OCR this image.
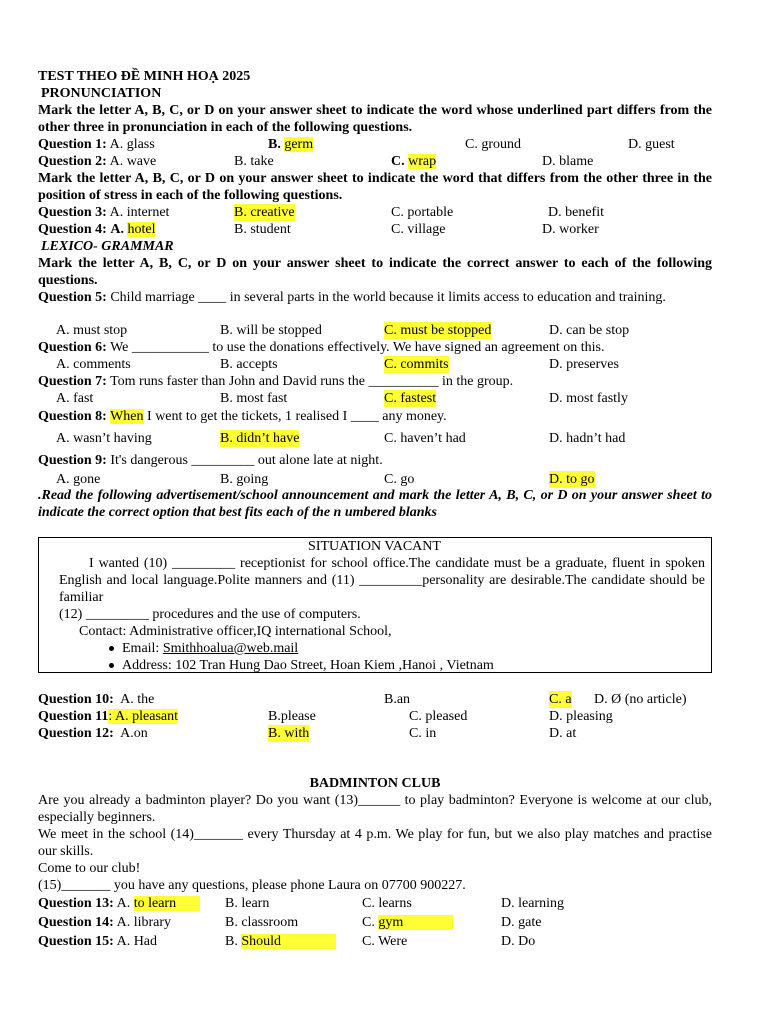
TEST THEO ĐỀ MINH HOẠ 2025
PRONUNCIATION
Mark the letter A, B, C, or D on your answer sheet to indicate the word whose underlined part differs from the other three in pronunciation in each of the following questions.
Question 1: A. glass	B. germ	C. ground	D. guest
Question 2: A. wave	B. take	C. wrap	D. blame
Mark the letter A, B, C, or D on your answer sheet to indicate the word that differs from the other three in the position of stress in each of the following questions.
Question 3: A. internet	B. creative	C. portable	D. benefit
Question 4: A. hotel	B. student	C. village	D. worker
LEXICO- GRAMMAR
Mark the letter A, B, C, or D on your answer sheet to indicate the correct answer to each of the following questions.
Question 5: Child marriage ____ in several parts in the world because it limits access to education and training.
A. must stop	B. will be stopped	C. must be stopped	D. can be stop
Question 6: We ___________ to use the donations effectively. We have signed an agreement on this.
A. comments	B. accepts	C. commits	D. preserves
Question 7: Tom runs faster than John and David runs the __________ in the group.
A. fast	B. most fast	C. fastest	D. most fastly
Question 8: When I went to get the tickets, 1 realised I ____ any money.
A. wasn’t having	B. didn’t have	C. haven’t had	D. hadn’t had
Question 9: It's dangerous _________ out alone late at night.
A. gone	B. going	C. go	D. to go
.Read the following advertisement/school announcement and mark the letter A, B, C, or D on your answer sheet to indicate the correct option that best fits each of the n umbered blanks
SITUATION VACANT
I wanted (10) _________ receptionist for school office.The candidate must be a graduate, fluent in spoken English and local language.Polite manners and (11) _________personality are desirable.The candidate should be familiar
(12) _________ procedures and the use of computers.
Contact: Administrative officer,IQ international School,
Email: Smithhoalua@web.mail
Address: 102 Tran Hung Dao Street, Hoan Kiem ,Hanoi , Vietnam
Question 10: A. the	B.an	C. a D. Ø (no article)
Question 11: A. pleasant	B.please	C. pleased	D. pleasing
Question 12: A.on	B. with	C. in	D. at
BADMINTON CLUB
Are you already a badminton player? Do you want (13)______ to play badminton? Everyone is welcome at our club, especially beginners.
We meet in the school (14)_______ every Thursday at 4 p.m. We play for fun, but we also play matches and practise our skills.
Come to our club!
(15)_______ you have any questions, please phone Laura on 07700 900227.
Question 13: A. to learn	B. learn	C. learns	D. learning
Question 14: A. library	B. classroom	C. gym	D. gate
Question 15: A. Had	B. Should	C. Were	D. Do
